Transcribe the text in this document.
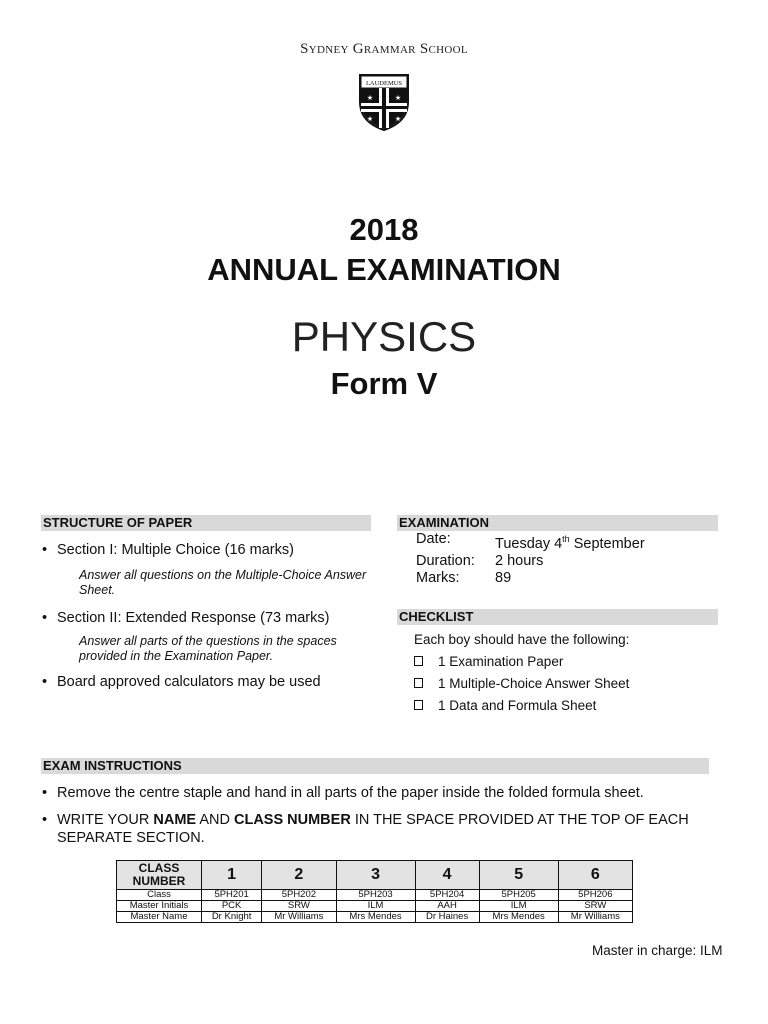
Sydney Grammar School
LAUDEMUS
★	★
★	★
2018
ANNUAL EXAMINATION
PHYSICS
Form V
STRUCTURE OF PAPER
• Section I: Multiple Choice (16 marks)
Answer all questions on the Multiple-Choice Answer Sheet.
• Section II: Extended Response (73 marks)
Answer all parts of the questions in the spaces provided in the Examination Paper.
• Board approved calculators may be used
EXAMINATION
Date:	Tuesday 4th September
Duration:	2 hours
Marks:	89
CHECKLIST
Each boy should have the following:
1 Examination Paper
1 Multiple-Choice Answer Sheet
1 Data and Formula Sheet
EXAM INSTRUCTIONS
• Remove the centre staple and hand in all parts of the paper inside the folded formula sheet.
• WRITE YOUR NAME AND CLASS NUMBER IN THE SPACE PROVIDED AT THE TOP OF EACH SEPARATE SECTION.
CLASS NUMBER	1	2	3	4	5	6
Class	5PH201	5PH202	5PH203	5PH204	5PH205	5PH206
Master Initials	PCK	SRW	ILM	AAH	ILM	SRW
Master Name	Dr Knight	Mr Williams	Mrs Mendes	Dr Haines	Mrs Mendes	Mr Williams
Master in charge: ILM
